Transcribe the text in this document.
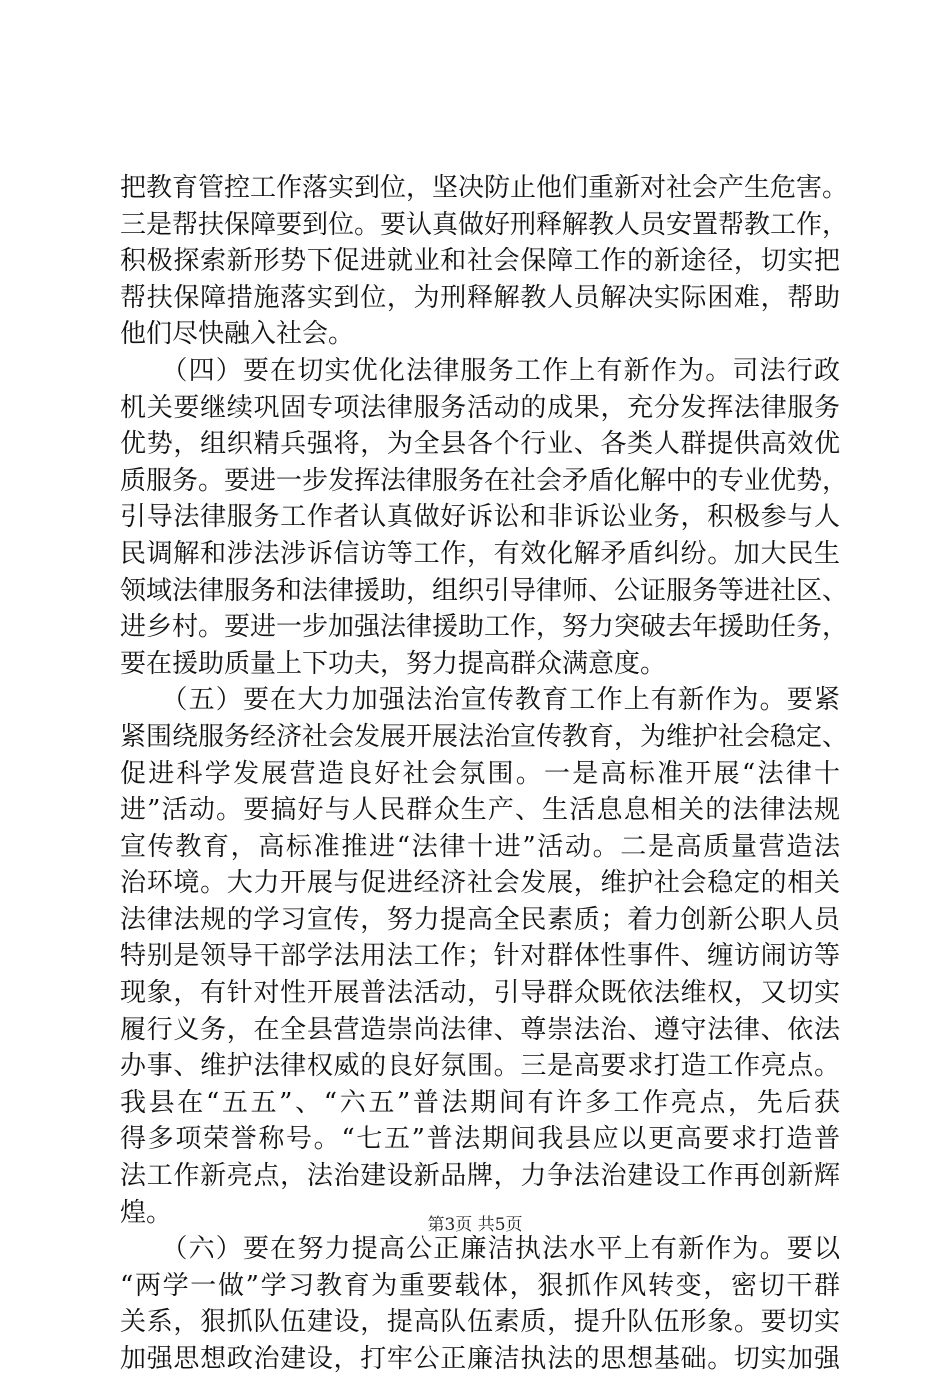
把教育管控工作落实到位，坚决防止他们重新对社会产生危害。
三是帮扶保障要到位。要认真做好刑释解教人员安置帮教工作，
积极探索新形势下促进就业和社会保障工作的新途径，切实把
帮扶保障措施落实到位，为刑释解教人员解决实际困难，帮助
他们尽快融入社会。
　　（四）要在切实优化法律服务工作上有新作为。司法行政
机关要继续巩固专项法律服务活动的成果，充分发挥法律服务
优势，组织精兵强将，为全县各个行业、各类人群提供高效优
质服务。要进一步发挥法律服务在社会矛盾化解中的专业优势，
引导法律服务工作者认真做好诉讼和非诉讼业务，积极参与人
民调解和涉法涉诉信访等工作，有效化解矛盾纠纷。加大民生
领域法律服务和法律援助，组织引导律师、公证服务等进社区、
进乡村。要进一步加强法律援助工作，努力突破去年援助任务，
要在援助质量上下功夫，努力提高群众满意度。
　　（五）要在大力加强法治宣传教育工作上有新作为。要紧
紧围绕服务经济社会发展开展法治宣传教育，为维护社会稳定、
促进科学发展营造良好社会氛围。一是高标准开展“法律十
进”活动。要搞好与人民群众生产、生活息息相关的法律法规
宣传教育，高标准推进“法律十进”活动。二是高质量营造法
治环境。大力开展与促进经济社会发展，维护社会稳定的相关
法律法规的学习宣传，努力提高全民素质；着力创新公职人员
特别是领导干部学法用法工作；针对群体性事件、缠访闹访等
现象，有针对性开展普法活动，引导群众既依法维权，又切实
履行义务，在全县营造崇尚法律、尊崇法治、遵守法律、依法
办事、维护法律权威的良好氛围。三是高要求打造工作亮点。
我县在“五五”、“六五”普法期间有许多工作亮点，先后获
得多项荣誉称号。“七五”普法期间我县应以更高要求打造普
法工作新亮点，法治建设新品牌，力争法治建设工作再创新辉
煌。
　　（六）要在努力提高公正廉洁执法水平上有新作为。要以
“两学一做”学习教育为重要载体，狠抓作风转变，密切干群
关系，狠抓队伍建设，提高队伍素质，提升队伍形象。要切实
加强思想政治建设，打牢公正廉洁执法的思想基础。切实加强
第3页 共5页
